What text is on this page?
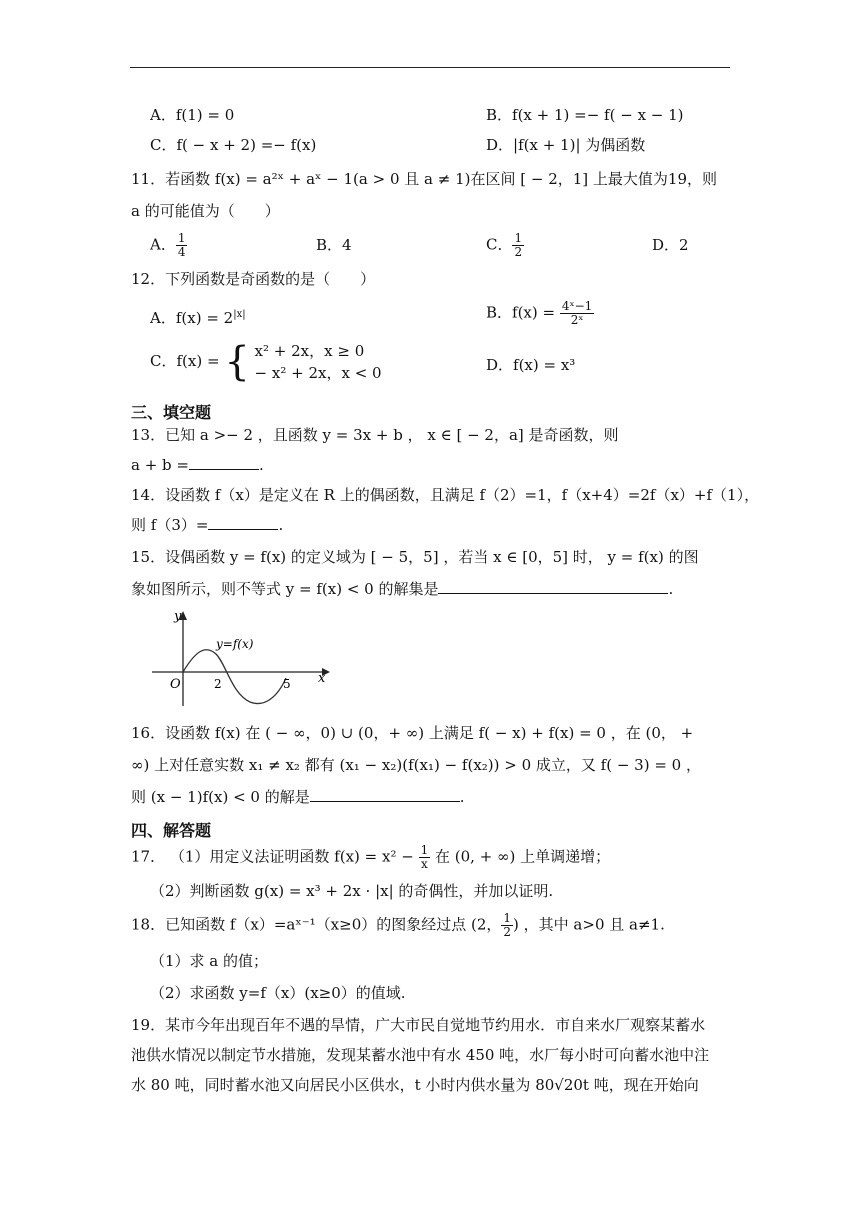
A．f(1) = 0	B．f(x + 1) =− f( − x − 1)
C．f( − x + 2) =− f(x)	D．|f(x + 1)| 为偶函数
11．若函数 f(x) = a²ˣ + aˣ − 1(a > 0 且 a ≠ 1)在区间 [ − 2，1] 上最大值为19，则
a 的可能值为（　　）
A． $\frac{1}{4}$	B．4	C． $\frac{1}{2}$	D．2
12．下列函数是奇函数的是（　　）
A．$f(x) = 2^{|x|}$	B．$f(x) = \frac{\text{4ˣ−1}}{\text{2ˣ}}$
C．f(x) = { x² + 2x，x ≥ 0
− x² + 2x，x < 0	D．f(x) = x³
三、填空题
13．已知 a >− 2 ，且函数 y = 3x + b ， x ∈ [ − 2，a] 是奇函数，则
a + b =	.
14．设函数 f（x）是定义在 R 上的偶函数，且满足 f（2）=1，f（x+4）=2f（x）+f（1），
则 f（3）=	.
15．设偶函数 y = f(x) 的定义域为 [ − 5，5] ，若当 x ∈ [0，5] 时， y = f(x) 的图
象如图所示，则不等式 y = f(x) < 0 的解集是	.
y
x
O	2	5
y=f(x)
16．设函数 f(x) 在 ( − ∞，0) ∪ (0，+ ∞) 上满足 f( − x) + f(x) = 0 ，在 (0， +
∞) 上对任意实数 x₁ ≠ x₂ 都有 (x₁ − x₂)(f(x₁) − f(x₂)) > 0 成立，又 f( − 3) = 0 ，
则 (x − 1)f(x) < 0 的解是	.
四、解答题
17． （1）用定义法证明函数 $f(x) = x^2 - \frac{1}{x}$ 在 (0, + ∞) 上单调递增；
（2）判断函数 g(x) = x³ + 2x · |x| 的奇偶性，并加以证明.
18．已知函数 f（x）=aˣ⁻¹（x≥0）的图象经过点 (2， $\frac{1}{2}$ ) ，其中 a>0 且 a≠1.
（1）求 a 的值；
（2）求函数 y=f（x）(x≥0）的值域.
19．某市今年出现百年不遇的旱情，广大市民自觉地节约用水．市自来水厂观察某蓄水
池供水情况以制定节水措施，发现某蓄水池中有水 450 吨，水厂每小时可向蓄水池中注
水 80 吨，同时蓄水池又向居民小区供水，t 小时内供水量为 80√20t 吨，现在开始向
